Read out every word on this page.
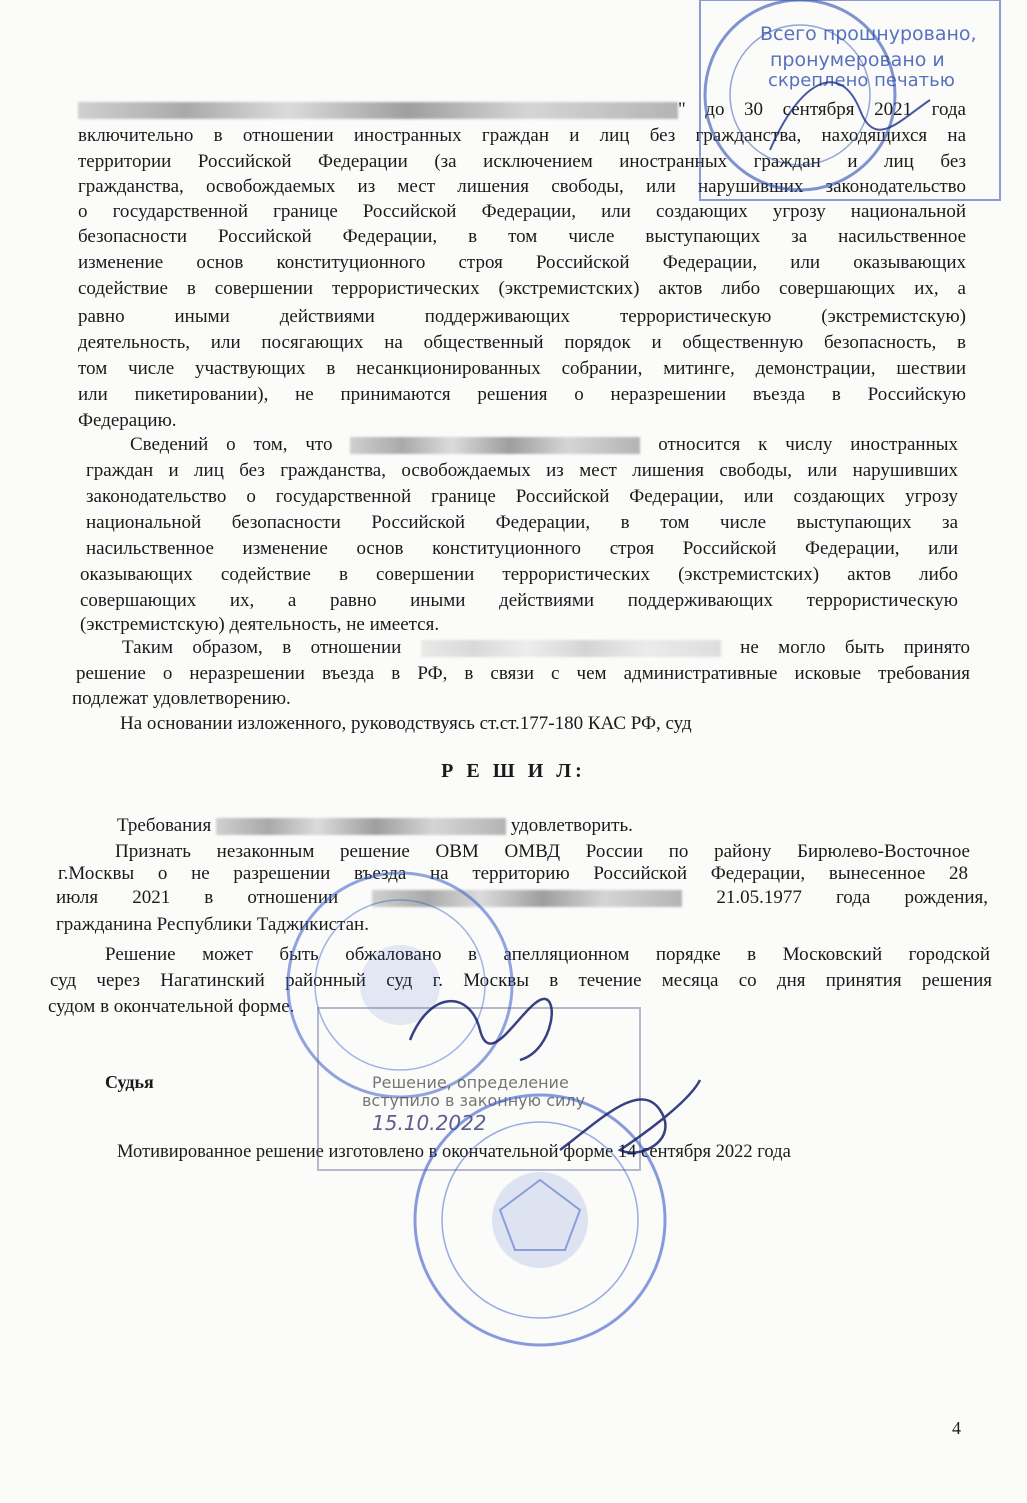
" до 30 сентября 2021 года
включительно в отношении иностранных граждан и лиц без гражданства, находящихся на
территории Российской Федерации (за исключением иностранных граждан и лиц без
гражданства, освобождаемых из мест лишения свободы, или нарушивших законодательство
о государственной границе Российской Федерации, или создающих угрозу национальной
безопасности Российской Федерации, в том числе выступающих за насильственное
изменение основ конституционного строя Российской Федерации, или оказывающих
содействие в совершении террористических (экстремистских) актов либо совершающих их, а
равно иными действиями поддерживающих террористическую (экстремистскую)
деятельность, или посягающих на общественный порядок и общественную безопасность, в
том числе участвующих в несанкционированных собрании, митинге, демонстрации, шествии
или пикетировании), не принимаются решения о неразрешении въезда в Российскую
Федерацию.
Сведений о том, что	относится к числу иностранных
граждан и лиц без гражданства, освобождаемых из мест лишения свободы, или нарушивших
законодательство о государственной границе Российской Федерации, или создающих угрозу
национальной безопасности Российской Федерации, в том числе выступающих за
насильственное изменение основ конституционного строя Российской Федерации, или
оказывающих содействие в совершении террористических (экстремистских) актов либо
совершающих их, а равно иными действиями поддерживающих террористическую
(экстремистскую) деятельность, не имеется.
Таким образом, в отношении	не могло быть принято
решение о неразрешении въезда в РФ, в связи с чем административные исковые требования
подлежат удовлетворению.
На основании изложенного, руководствуясь ст.ст.177-180 КАС РФ, суд
Р Е Ш И Л:
Требования	удовлетворить.
Признать незаконным решение ОВМ ОМВД России по району Бирюлево-Восточное
г.Москвы о не разрешении въезда на территорию Российской Федерации, вынесенное 28
июля 2021 в отношении	21.05.1977 года рождения,
гражданина Республики Таджикистан.
Решение может быть обжаловано в апелляционном порядке в Московский городской
суд через Нагатинский районный суд г. Москвы в течение месяца со дня принятия решения
судом в окончательной форме.
Судья
Мотивированное решение изготовлено в окончательной форме 14 сентября 2022 года
4
Всего прошнуровано,
пронумеровано и
скреплено печатью
Решение, определение
вступило в законную силу
15.10.2022
